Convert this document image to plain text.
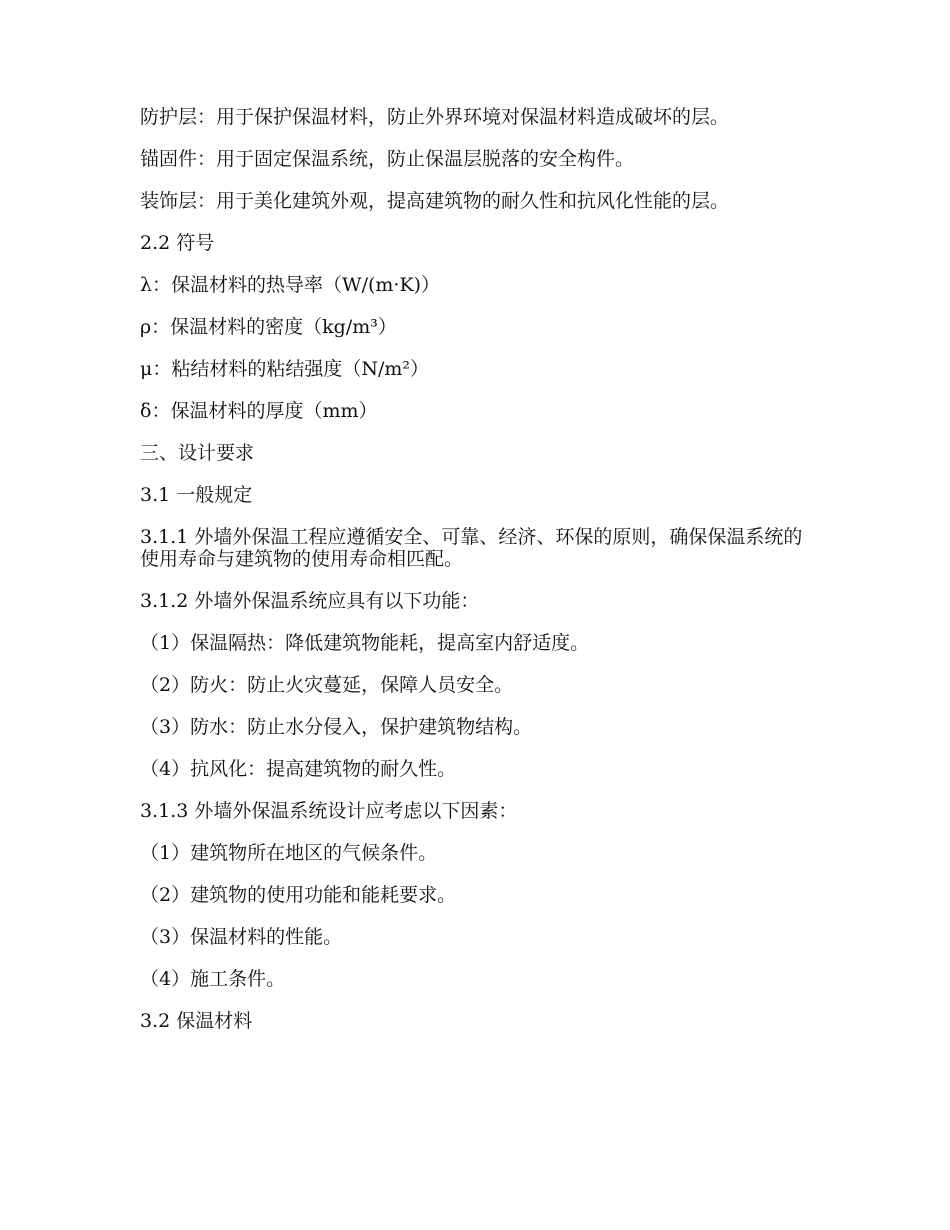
防护层：用于保护保温材料，防止外界环境对保温材料造成破坏的层。

锚固件：用于固定保温系统，防止保温层脱落的安全构件。

装饰层：用于美化建筑外观，提高建筑物的耐久性和抗风化性能的层。

2.2 符号

λ：保温材料的热导率（W/(m·K)）

ρ：保温材料的密度（kg/m³）

μ：粘结材料的粘结强度（N/m²）

δ：保温材料的厚度（mm）

三、设计要求

3.1 一般规定

3.1.1 外墙外保温工程应遵循安全、可靠、经济、环保的原则，确保保温系统的使用寿命与建筑物的使用寿命相匹配。

3.1.2 外墙外保温系统应具有以下功能：

（1）保温隔热：降低建筑物能耗，提高室内舒适度。

（2）防火：防止火灾蔓延，保障人员安全。

（3）防水：防止水分侵入，保护建筑物结构。

（4）抗风化：提高建筑物的耐久性。

3.1.3 外墙外保温系统设计应考虑以下因素：

（1）建筑物所在地区的气候条件。

（2）建筑物的使用功能和能耗要求。

（3）保温材料的性能。

（4）施工条件。

3.2 保温材料
